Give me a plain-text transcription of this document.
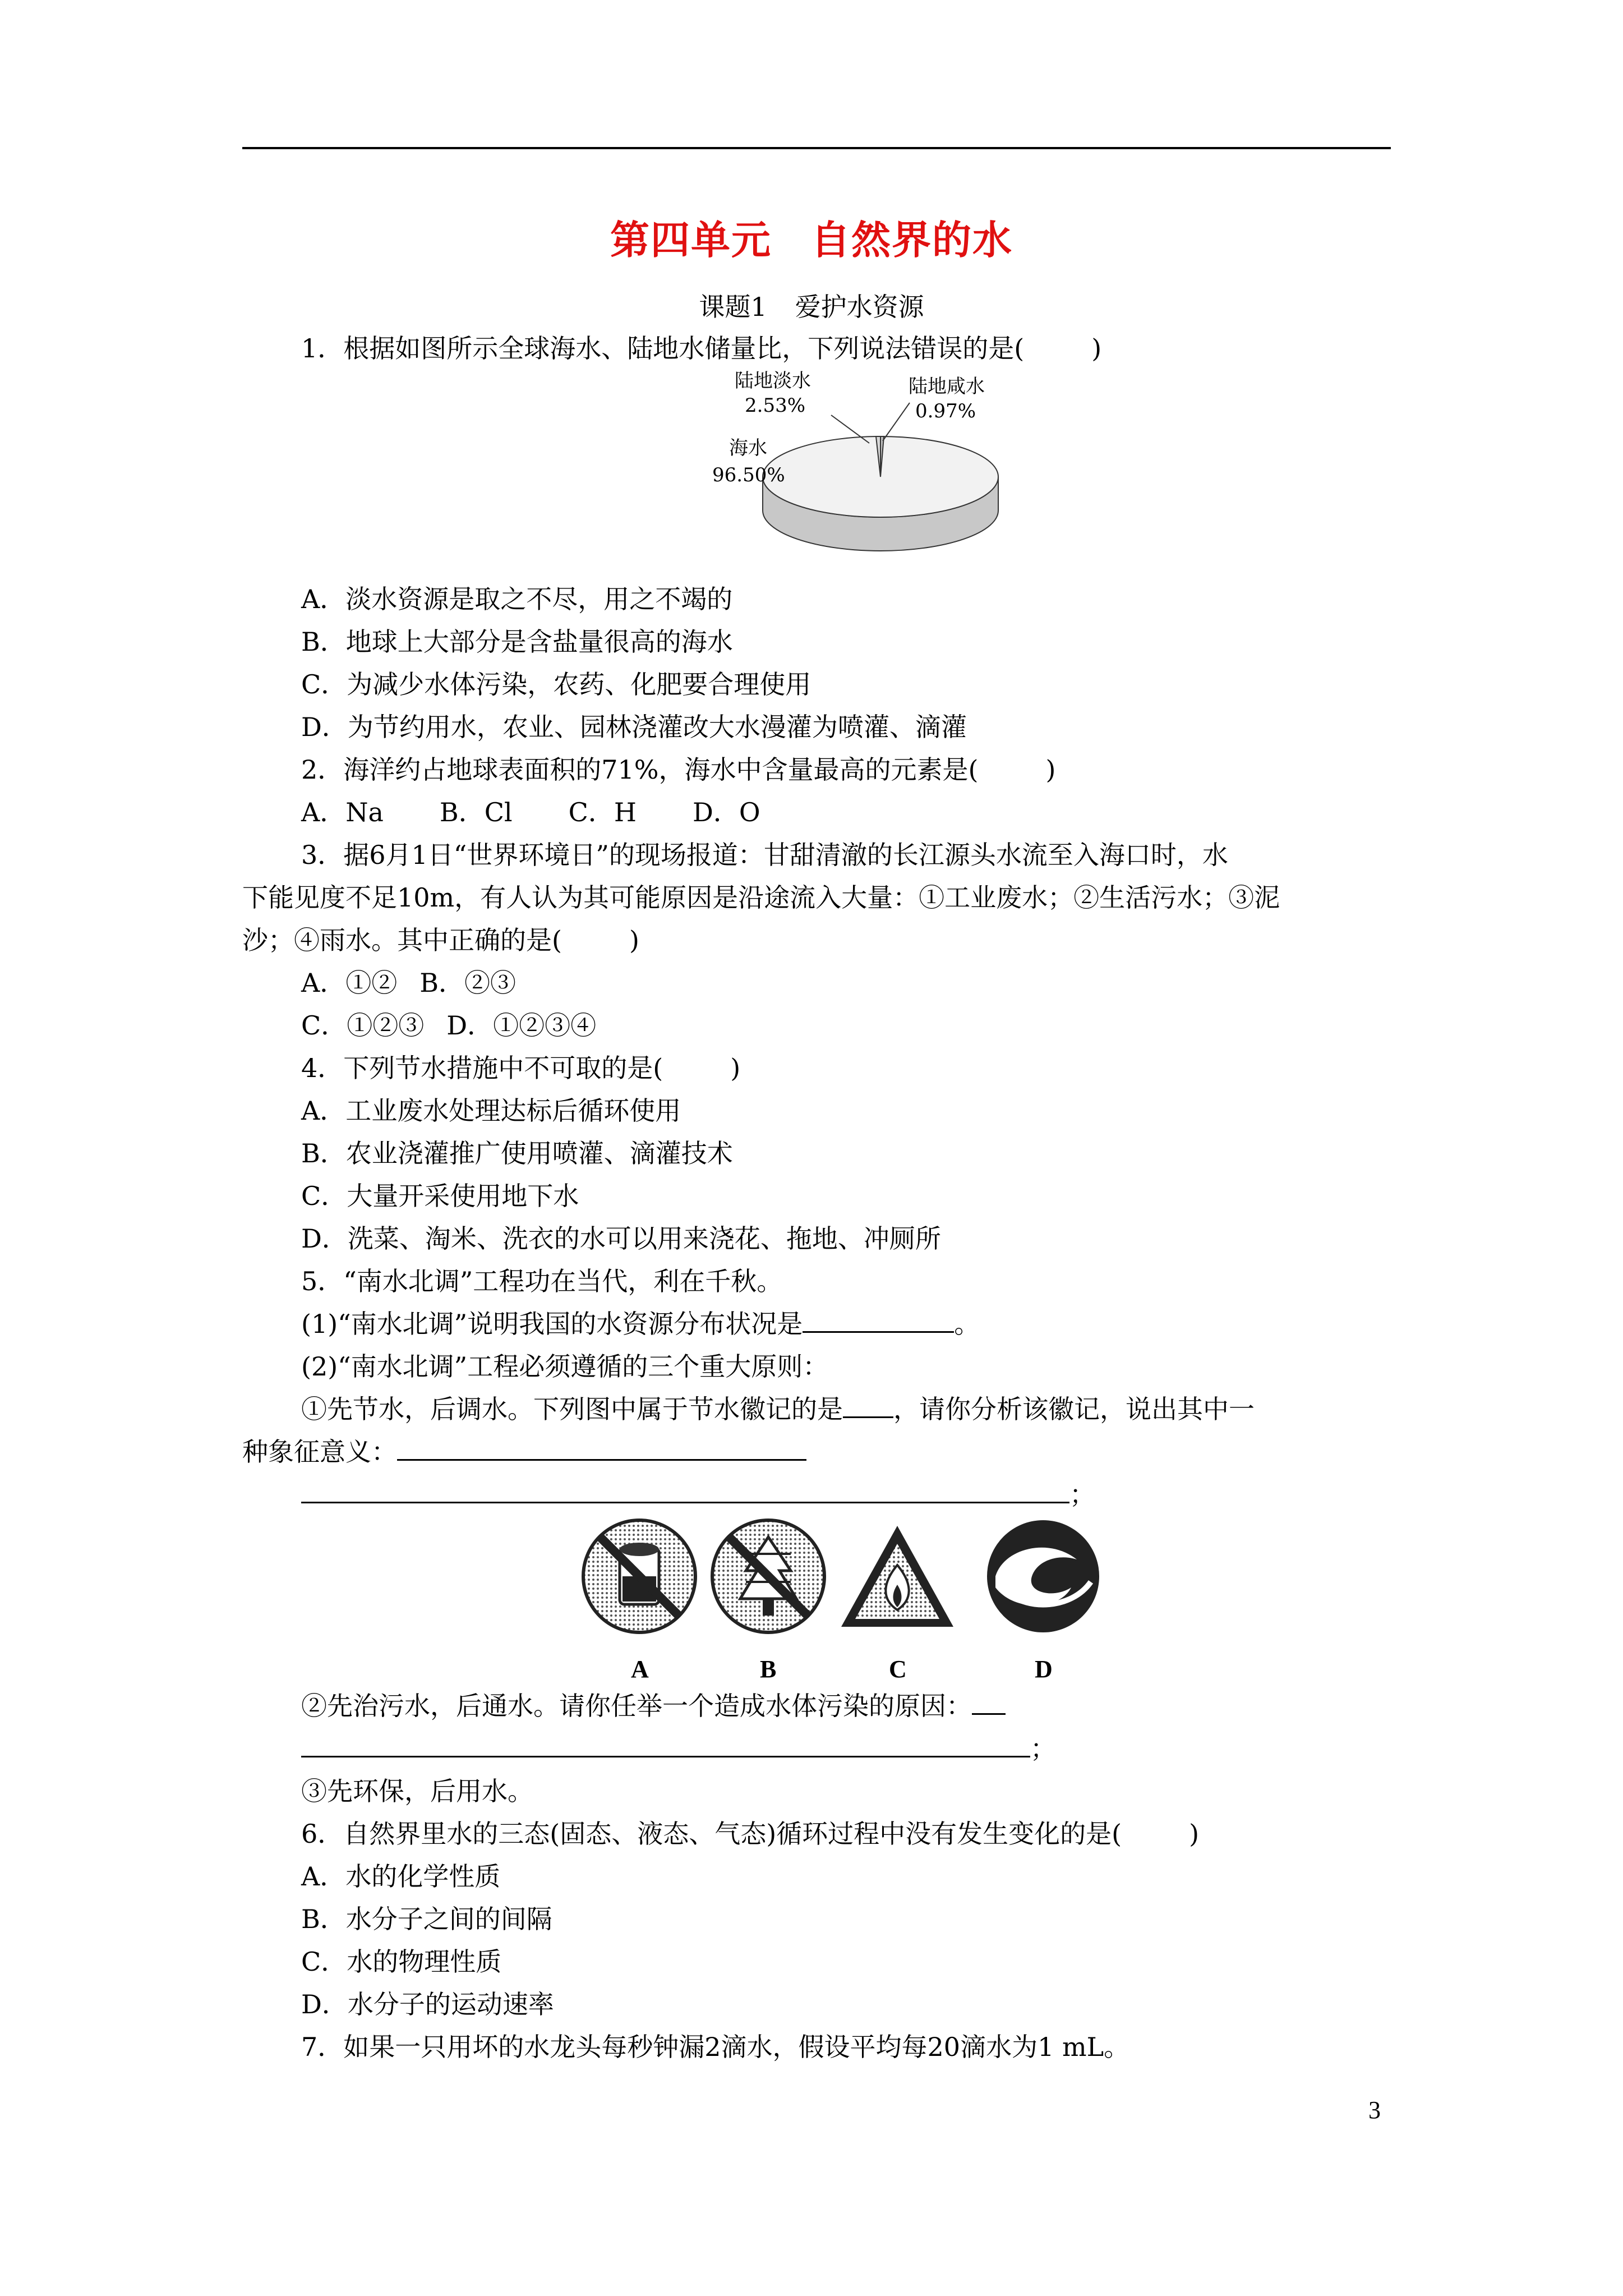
第四单元 自然界的水
课题1 爱护水资源
1．根据如图所示全球海水、陆地水储量比，下列说法错误的是(	)
陆地淡水
2.53%
陆地咸水
0.97%
海水
96.50%
A．淡水资源是取之不尽，用之不竭的
B．地球上大部分是含盐量很高的海水
C．为减少水体污染，农药、化肥要合理使用
D．为节约用水，农业、园林浇灌改大水漫灌为喷灌、滴灌
2．海洋约占地球表面积的71%，海水中含量最高的元素是(	)
A．Na B．Cl C．H D．O
3．据6月1日“世界环境日”的现场报道：甘甜清澈的长江源头水流至入海口时，水
下能见度不足10m，有人认为其可能原因是沿途流入大量：①工业废水；②生活污水；③泥
沙；④雨水。其中正确的是(	)
A．①② B．②③
C．①②③ D．①②③④
4．下列节水措施中不可取的是(	)
A．工业废水处理达标后循环使用
B．农业浇灌推广使用喷灌、滴灌技术
C．大量开采使用地下水
D．洗菜、淘米、洗衣的水可以用来浇花、拖地、冲厕所
5．“南水北调”工程功在当代，利在千秋。
(1)“南水北调”说明我国的水资源分布状况是	。
(2)“南水北调”工程必须遵循的三个重大原则：
①先节水，后调水。下列图中属于节水徽记的是 ，请你分析该徽记，说出其中一
种象征意义：
；
A	B	C	D
②先治污水，后通水。请你任举一个造成水体污染的原因：
；
③先环保，后用水。
6．自然界里水的三态(固态、液态、气态)循环过程中没有发生变化的是(	)
A．水的化学性质
B．水分子之间的间隔
C．水的物理性质
D．水分子的运动速率
7．如果一只用坏的水龙头每秒钟漏2滴水，假设平均每20滴水为1 mL。
3
